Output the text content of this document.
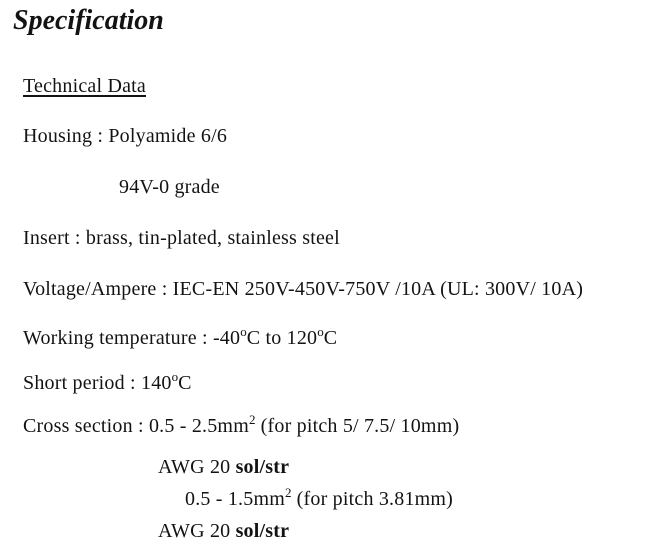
Specification
Technical Data
Housing : Polyamide 6/6
94V-0 grade
Insert : brass, tin-plated, stainless steel
Voltage/Ampere : IEC-EN 250V-450V-750V /10A (UL: 300V/ 10A)
Working temperature : -40oC to 120oC
Short period : 140oC
Cross section : 0.5 - 2.5mm2 (for pitch 5/ 7.5/ 10mm)
AWG 20 sol/str
0.5 - 1.5mm2 (for pitch 3.81mm)
AWG 20 sol/str
